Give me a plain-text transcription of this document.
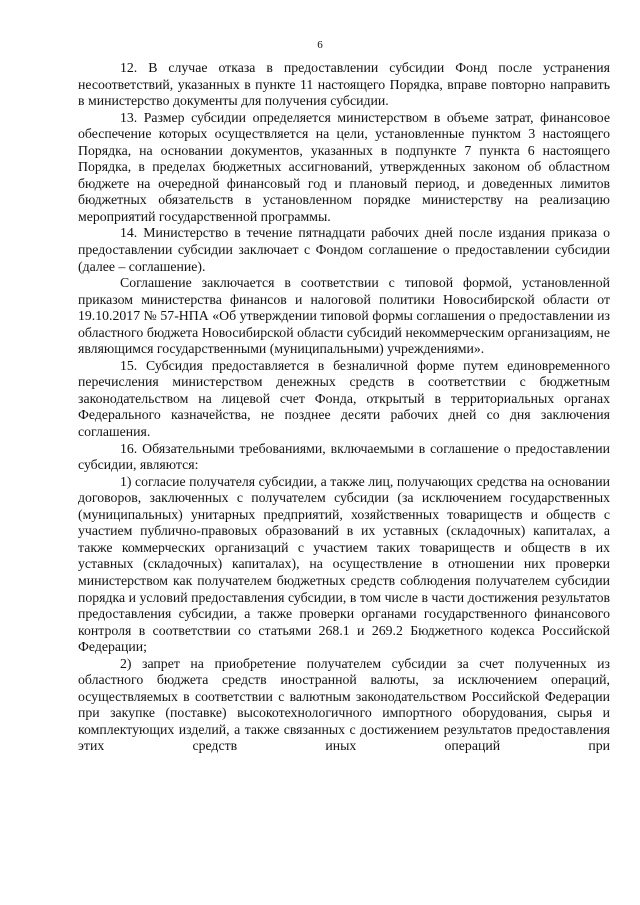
6

12. В случае отказа в предоставлении субсидии Фонд после устранения несоответствий, указанных в пункте 11 настоящего Порядка, вправе повторно направить в министерство документы для получения субсидии.

13. Размер субсидии определяется министерством в объеме затрат, финансовое обеспечение которых осуществляется на цели, установленные пунктом 3 настоящего Порядка, на основании документов, указанных в подпункте 7 пункта 6 настоящего Порядка, в пределах бюджетных ассигнований, утвержденных законом об областном бюджете на очередной финансовый год и плановый период, и доведенных лимитов бюджетных обязательств в установленном порядке министерству на реализацию мероприятий государственной программы.

14. Министерство в течение пятнадцати рабочих дней после издания приказа о предоставлении субсидии заключает с Фондом соглашение о предоставлении субсидии (далее – соглашение).

Соглашение заключается в соответствии с типовой формой, установленной приказом министерства финансов и налоговой политики Новосибирской области от 19.10.2017 № 57-НПА «Об утверждении типовой формы соглашения о предоставлении из областного бюджета Новосибирской области субсидий некоммерческим организациям, не являющимся государственными (муниципальными) учреждениями».

15. Субсидия предоставляется в безналичной форме путем единовременного перечисления министерством денежных средств в соответствии с бюджетным законодательством на лицевой счет Фонда, открытый в территориальных органах Федерального казначейства, не позднее десяти рабочих дней со дня заключения соглашения.

16. Обязательными требованиями, включаемыми в соглашение о предоставлении субсидии, являются:

1) согласие получателя субсидии, а также лиц, получающих средства на основании договоров, заключенных с получателем субсидии (за исключением государственных (муниципальных) унитарных предприятий, хозяйственных товариществ и обществ с участием публично-правовых образований в их уставных (складочных) капиталах, а также коммерческих организаций с участием таких товариществ и обществ в их уставных (складочных) капиталах), на осуществление в отношении них проверки министерством как получателем бюджетных средств соблюдения получателем субсидии порядка и условий предоставления субсидии, в том числе в части достижения результатов предоставления субсидии, а также проверки органами государственного финансового контроля в соответствии со статьями 268.1 и 269.2 Бюджетного кодекса Российской Федерации;

2) запрет на приобретение получателем субсидии за счет полученных из областного бюджета средств иностранной валюты, за исключением операций, осуществляемых в соответствии с валютным законодательством Российской Федерации при закупке (поставке) высокотехнологичного импортного оборудования, сырья и комплектующих изделий, а также связанных с достижением результатов предоставления этих средств иных операций при
